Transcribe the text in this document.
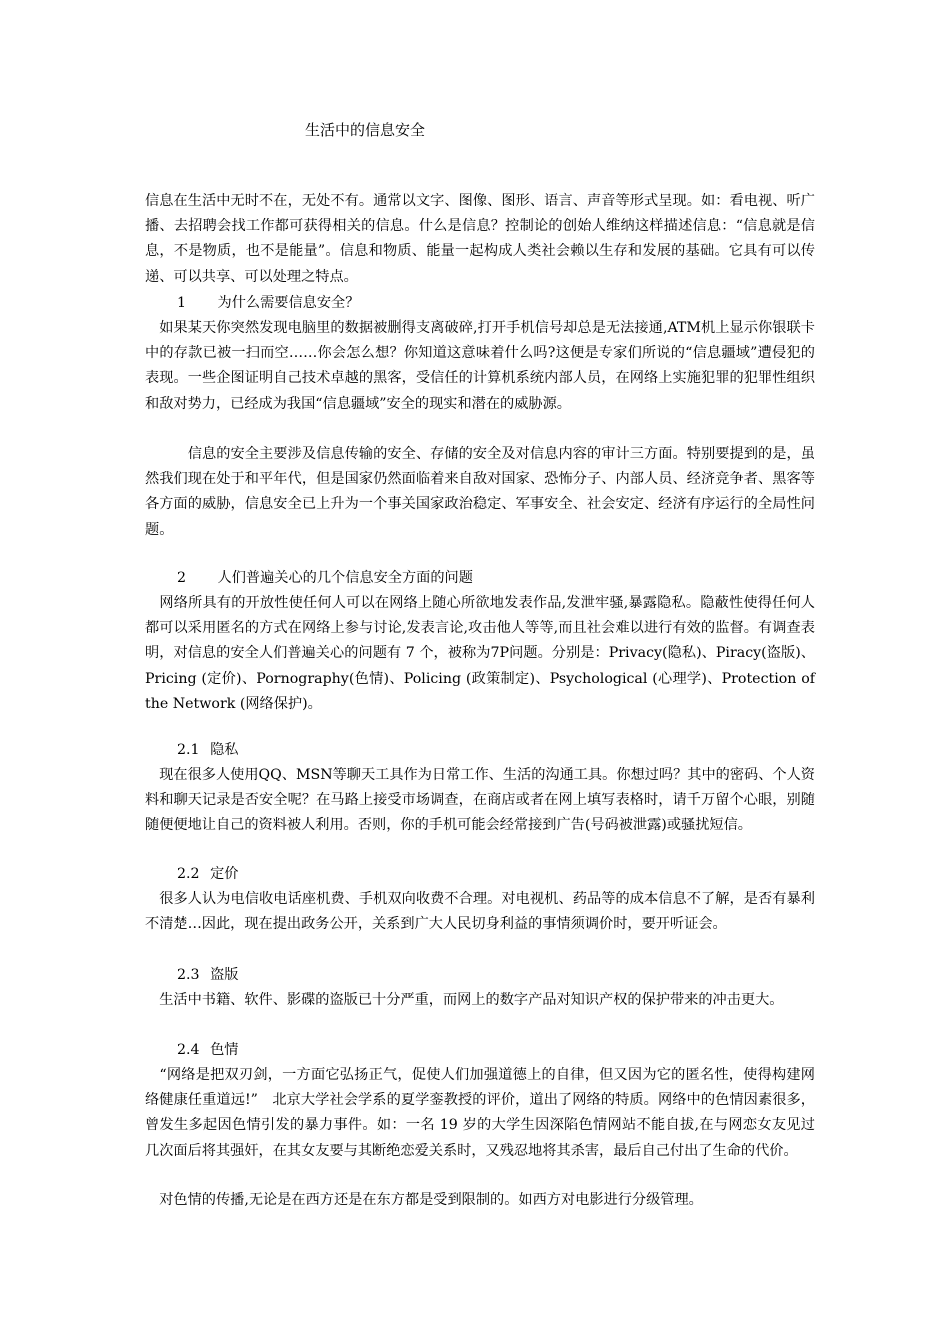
生活中的信息安全

信息在生活中无时不在，无处不有。通常以文字、图像、图形、语言、声音等形式呈现。如：看电视、听广播、去招聘会找工作都可获得相关的信息。什么是信息？控制论的创始人维纳这样描述信息：“信息就是信息，不是物质，也不是能量”。信息和物质、能量一起构成人类社会赖以生存和发展的基础。它具有可以传递、可以共享、可以处理之特点。

1 为什么需要信息安全？

　如果某天你突然发现电脑里的数据被删得支离破碎,打开手机信号却总是无法接通,ATM机上显示你银联卡中的存款已被一扫而空……你会怎么想？你知道这意味着什么吗?这便是专家们所说的“信息疆域”遭侵犯的表现。一些企图证明自己技术卓越的黑客，受信任的计算机系统内部人员，在网络上实施犯罪的犯罪性组织和敌对势力，已经成为我国“信息疆域”安全的现实和潜在的威胁源。

　　　信息的安全主要涉及信息传输的安全、存储的安全及对信息内容的审计三方面。特别要提到的是，虽然我们现在处于和平年代，但是国家仍然面临着来自敌对国家、恐怖分子、内部人员、经济竞争者、黑客等各方面的威胁，信息安全已上升为一个事关国家政治稳定、军事安全、社会安定、经济有序运行的全局性问题。

2 人们普遍关心的几个信息安全方面的问题

　网络所具有的开放性使任何人可以在网络上随心所欲地发表作品,发泄牢骚,暴露隐私。隐蔽性使得任何人都可以采用匿名的方式在网络上参与讨论,发表言论,攻击他人等等,而且社会难以进行有效的监督。有调查表明，对信息的安全人们普遍关心的问题有 7 个，被称为7P问题。分别是：Privacy(隐私)、Piracy(盗版)、Pricing (定价)、Pornography(色情)、Policing (政策制定)、Psychological (心理学)、Protection of the Network (网络保护)。

2.1 隐私

　现在很多人使用QQ、MSN等聊天工具作为日常工作、生活的沟通工具。你想过吗？其中的密码、个人资料和聊天记录是否安全呢？在马路上接受市场调查，在商店或者在网上填写表格时，请千万留个心眼，别随随便便地让自己的资料被人利用。否则，你的手机可能会经常接到广告(号码被泄露)或骚扰短信。

2.2 定价

　很多人认为电信收电话座机费、手机双向收费不合理。对电视机、药品等的成本信息不了解，是否有暴利不清楚…因此，现在提出政务公开，关系到广大人民切身利益的事情须调价时，要开听证会。

2.3 盗版

　生活中书籍、软件、影碟的盗版已十分严重，而网上的数字产品对知识产权的保护带来的冲击更大。

2.4 色情

　“网络是把双刃剑，一方面它弘扬正气，促使人们加强道德上的自律，但又因为它的匿名性，使得构建网络健康任重道远!”　北京大学社会学系的夏学銮教授的评价，道出了网络的特质。网络中的色情因素很多，曾发生多起因色情引发的暴力事件。如：一名 19 岁的大学生因深陷色情网站不能自拔,在与网恋女友见过几次面后将其强奸，在其女友要与其断绝恋爱关系时，又残忍地将其杀害，最后自己付出了生命的代价。

　对色情的传播,无论是在西方还是在东方都是受到限制的。如西方对电影进行分级管理。
